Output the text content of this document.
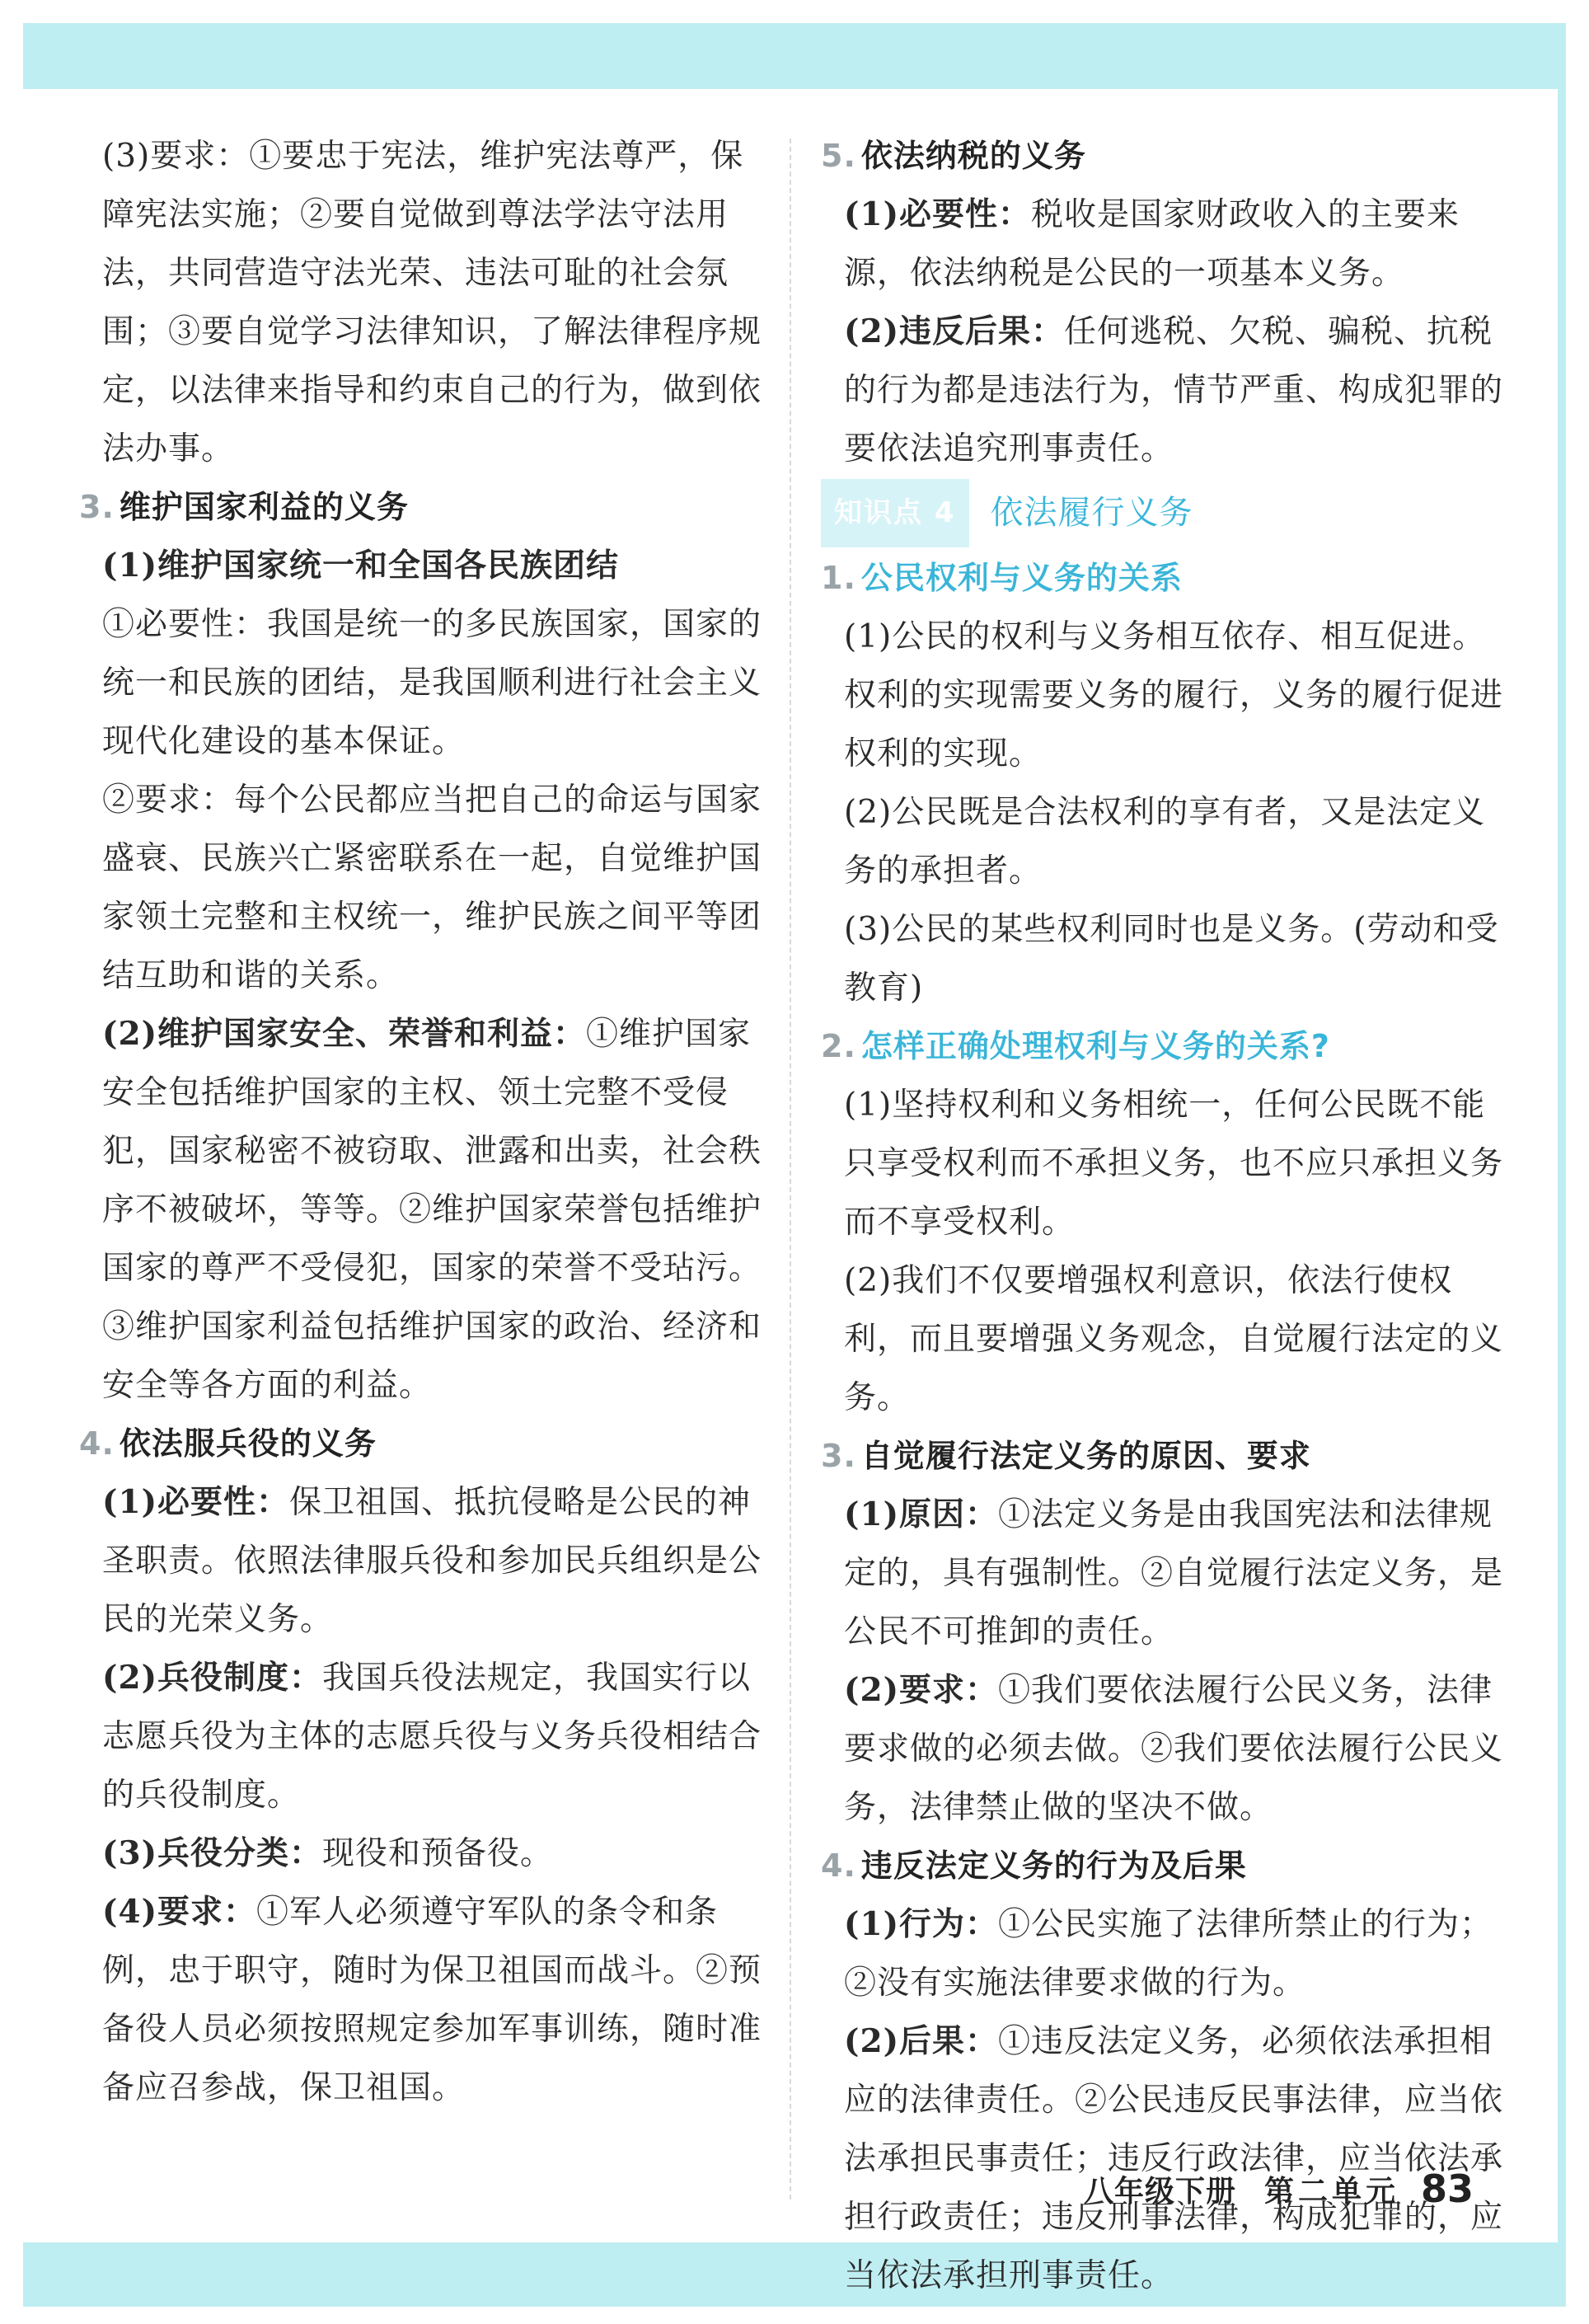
(3)要求：①要忠于宪法，维护宪法尊严，保障宪法实施；②要自觉做到尊法学法守法用法，共同营造守法光荣、违法可耻的社会氛围；③要自觉学习法律知识，了解法律程序规定，以法律来指导和约束自己的行为，做到依法办事。

3. 维护国家利益的义务

(1)维护国家统一和全国各民族团结

①必要性：我国是统一的多民族国家，国家的统一和民族的团结，是我国顺利进行社会主义现代化建设的基本保证。

②要求：每个公民都应当把自己的命运与国家盛衰、民族兴亡紧密联系在一起，自觉维护国家领土完整和主权统一，维护民族之间平等团结互助和谐的关系。

(2)维护国家安全、荣誉和利益：①维护国家安全包括维护国家的主权、领土完整不受侵犯，国家秘密不被窃取、泄露和出卖，社会秩序不被破坏，等等。②维护国家荣誉包括维护国家的尊严不受侵犯，国家的荣誉不受玷污。③维护国家利益包括维护国家的政治、经济和安全等各方面的利益。

4. 依法服兵役的义务

(1)必要性：保卫祖国、抵抗侵略是公民的神圣职责。依照法律服兵役和参加民兵组织是公民的光荣义务。

(2)兵役制度：我国兵役法规定，我国实行以志愿兵役为主体的志愿兵役与义务兵役相结合的兵役制度。

(3)兵役分类：现役和预备役。

(4)要求：①军人必须遵守军队的条令和条例，忠于职守，随时为保卫祖国而战斗。②预备役人员必须按照规定参加军事训练，随时准备应召参战，保卫祖国。

5. 依法纳税的义务

(1)必要性：税收是国家财政收入的主要来源，依法纳税是公民的一项基本义务。

(2)违反后果：任何逃税、欠税、骗税、抗税的行为都是违法行为，情节严重、构成犯罪的要依法追究刑事责任。

知识点 4	依法履行义务

1. 公民权利与义务的关系

(1)公民的权利与义务相互依存、相互促进。权利的实现需要义务的履行，义务的履行促进权利的实现。

(2)公民既是合法权利的享有者，又是法定义务的承担者。

(3)公民的某些权利同时也是义务。(劳动和受教育)

2. 怎样正确处理权利与义务的关系?

(1)坚持权利和义务相统一，任何公民既不能只享受权利而不承担义务，也不应只承担义务而不享受权利。

(2)我们不仅要增强权利意识，依法行使权利，而且要增强义务观念，自觉履行法定的义务。

3. 自觉履行法定义务的原因、要求

(1)原因：①法定义务是由我国宪法和法律规定的，具有强制性。②自觉履行法定义务，是公民不可推卸的责任。

(2)要求：①我们要依法履行公民义务，法律要求做的必须去做。②我们要依法履行公民义务，法律禁止做的坚决不做。

4. 违反法定义务的行为及后果

(1)行为：①公民实施了法律所禁止的行为；②没有实施法律要求做的行为。

(2)后果：①违反法定义务，必须依法承担相应的法律责任。②公民违反民事法律，应当依法承担民事责任；违反行政法律，应当依法承担行政责任；违反刑事法律，构成犯罪的，应当依法承担刑事责任。

八年级下册 第二单元 83
